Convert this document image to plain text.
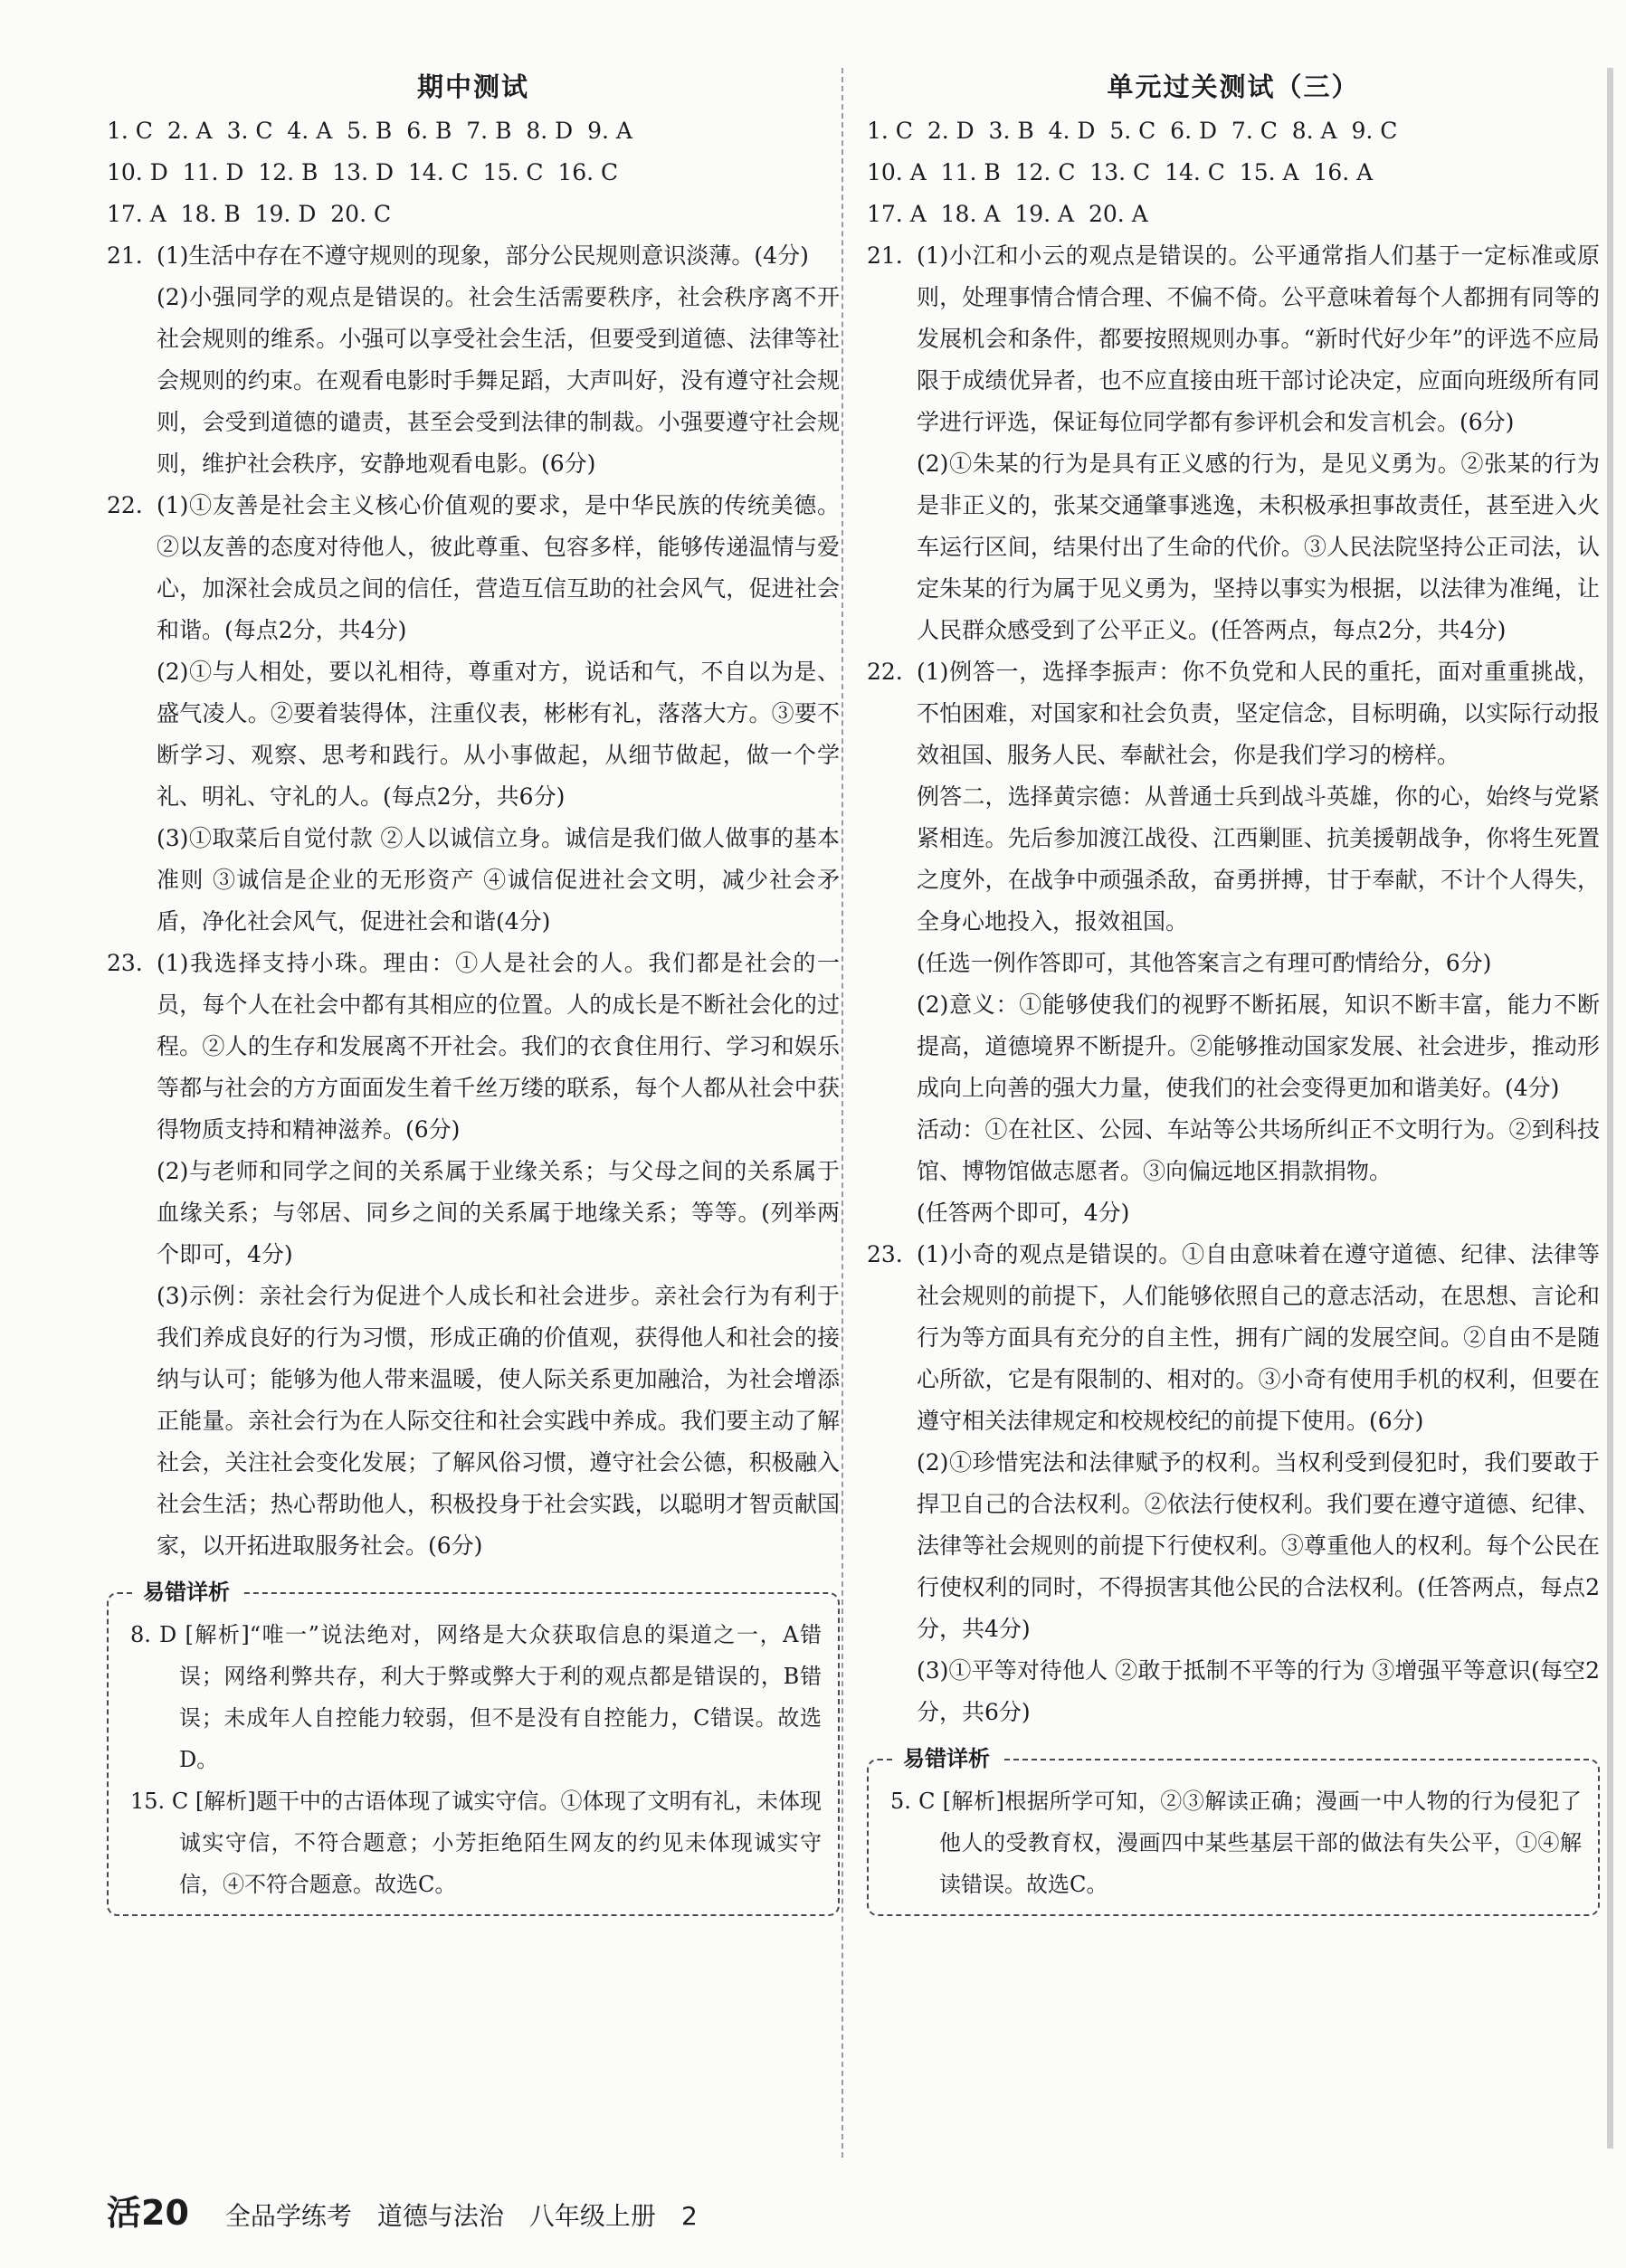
期中测试
1. C  2. A  3. C  4. A  5. B  6. B  7. B  8. D  9. A
10. D  11. D  12. B  13. D  14. C  15. C  16. C
17. A  18. B  19. D  20. C
21. (1)生活中存在不遵守规则的现象，部分公民规则意识淡薄。(4分)

(2)小强同学的观点是错误的。社会生活需要秩序，社会秩序离不开社会规则的维系。小强可以享受社会生活，但要受到道德、法律等社会规则的约束。在观看电影时手舞足蹈，大声叫好，没有遵守社会规则，会受到道德的谴责，甚至会受到法律的制裁。小强要遵守社会规则，维护社会秩序，安静地观看电影。(6分)

22. (1)①友善是社会主义核心价值观的要求，是中华民族的传统美德。②以友善的态度对待他人，彼此尊重、包容多样，能够传递温情与爱心，加深社会成员之间的信任，营造互信互助的社会风气，促进社会和谐。(每点2分，共4分)

(2)①与人相处，要以礼相待，尊重对方，说话和气，不自以为是、盛气凌人。②要着装得体，注重仪表，彬彬有礼，落落大方。③要不断学习、观察、思考和践行。从小事做起，从细节做起，做一个学礼、明礼、守礼的人。(每点2分，共6分)

(3)①取菜后自觉付款 ②人以诚信立身。诚信是我们做人做事的基本准则 ③诚信是企业的无形资产 ④诚信促进社会文明，减少社会矛盾，净化社会风气，促进社会和谐(4分)

23. (1)我选择支持小珠。理由：①人是社会的人。我们都是社会的一员，每个人在社会中都有其相应的位置。人的成长是不断社会化的过程。②人的生存和发展离不开社会。我们的衣食住用行、学习和娱乐等都与社会的方方面面发生着千丝万缕的联系，每个人都从社会中获得物质支持和精神滋养。(6分)

(2)与老师和同学之间的关系属于业缘关系；与父母之间的关系属于血缘关系；与邻居、同乡之间的关系属于地缘关系；等等。(列举两个即可，4分)

(3)示例：亲社会行为促进个人成长和社会进步。亲社会行为有利于我们养成良好的行为习惯，形成正确的价值观，获得他人和社会的接纳与认可；能够为他人带来温暖，使人际关系更加融洽，为社会增添正能量。亲社会行为在人际交往和社会实践中养成。我们要主动了解社会，关注社会变化发展；了解风俗习惯，遵守社会公德，积极融入社会生活；热心帮助他人，积极投身于社会实践，以聪明才智贡献国家，以开拓进取服务社会。(6分)

易错详析

8. D [解析]“唯一”说法绝对，网络是大众获取信息的渠道之一，A错误；网络利弊共存，利大于弊或弊大于利的观点都是错误的，B错误；未成年人自控能力较弱，但不是没有自控能力，C错误。故选D。

15. C [解析]题干中的古语体现了诚实守信。①体现了文明有礼，未体现诚实守信，不符合题意；小芳拒绝陌生网友的约见未体现诚实守信，④不符合题意。故选C。

单元过关测试（三）
1. C  2. D  3. B  4. D  5. C  6. D  7. C  8. A  9. C
10. A  11. B  12. C  13. C  14. C  15. A  16. A
17. A  18. A  19. A  20. A
21. (1)小江和小云的观点是错误的。公平通常指人们基于一定标准或原则，处理事情合情合理、不偏不倚。公平意味着每个人都拥有同等的发展机会和条件，都要按照规则办事。“新时代好少年”的评选不应局限于成绩优异者，也不应直接由班干部讨论决定，应面向班级所有同学进行评选，保证每位同学都有参评机会和发言机会。(6分)

(2)①朱某的行为是具有正义感的行为，是见义勇为。②张某的行为是非正义的，张某交通肇事逃逸，未积极承担事故责任，甚至进入火车运行区间，结果付出了生命的代价。③人民法院坚持公正司法，认定朱某的行为属于见义勇为，坚持以事实为根据，以法律为准绳，让人民群众感受到了公平正义。(任答两点，每点2分，共4分)

22. (1)例答一，选择李振声：你不负党和人民的重托，面对重重挑战，不怕困难，对国家和社会负责，坚定信念，目标明确，以实际行动报效祖国、服务人民、奉献社会，你是我们学习的榜样。

例答二，选择黄宗德：从普通士兵到战斗英雄，你的心，始终与党紧紧相连。先后参加渡江战役、江西剿匪、抗美援朝战争，你将生死置之度外，在战争中顽强杀敌，奋勇拼搏，甘于奉献，不计个人得失，全身心地投入，报效祖国。

(任选一例作答即可，其他答案言之有理可酌情给分，6分)

(2)意义：①能够使我们的视野不断拓展，知识不断丰富，能力不断提高，道德境界不断提升。②能够推动国家发展、社会进步，推动形成向上向善的强大力量，使我们的社会变得更加和谐美好。(4分)

活动：①在社区、公园、车站等公共场所纠正不文明行为。②到科技馆、博物馆做志愿者。③向偏远地区捐款捐物。

(任答两个即可，4分)

23. (1)小奇的观点是错误的。①自由意味着在遵守道德、纪律、法律等社会规则的前提下，人们能够依照自己的意志活动，在思想、言论和行为等方面具有充分的自主性，拥有广阔的发展空间。②自由不是随心所欲，它是有限制的、相对的。③小奇有使用手机的权利，但要在遵守相关法律规定和校规校纪的前提下使用。(6分)

(2)①珍惜宪法和法律赋予的权利。当权利受到侵犯时，我们要敢于捍卫自己的合法权利。②依法行使权利。我们要在遵守道德、纪律、法律等社会规则的前提下行使权利。③尊重他人的权利。每个公民在行使权利的同时，不得损害其他公民的合法权利。(任答两点，每点2分，共4分)

(3)①平等对待他人 ②敢于抵制不平等的行为 ③增强平等意识(每空2分，共6分)

易错详析

5. C [解析]根据所学可知，②③解读正确；漫画一中人物的行为侵犯了他人的受教育权，漫画四中某些基层干部的做法有失公平，①④解读错误。故选C。

活20 全品学练考 道德与法治 八年级上册 2
